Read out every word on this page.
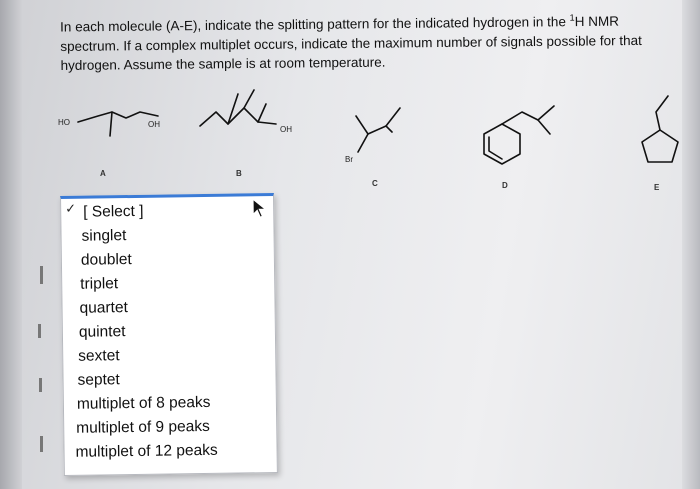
In each molecule (A-E), indicate the splitting pattern for the indicated hydrogen in the $^1$H NMR
spectrum. If a complex multiplet occurs, indicate the maximum number of signals possible for that
hydrogen. Assume the sample is at room temperature.
HO	OH
A
OH
B
Br
C	D	E
✓ [ Select ]
singlet
doublet
triplet
quartet
quintet
sextet
septet
multiplet of 8 peaks
multiplet of 9 peaks
multiplet of 12 peaks
